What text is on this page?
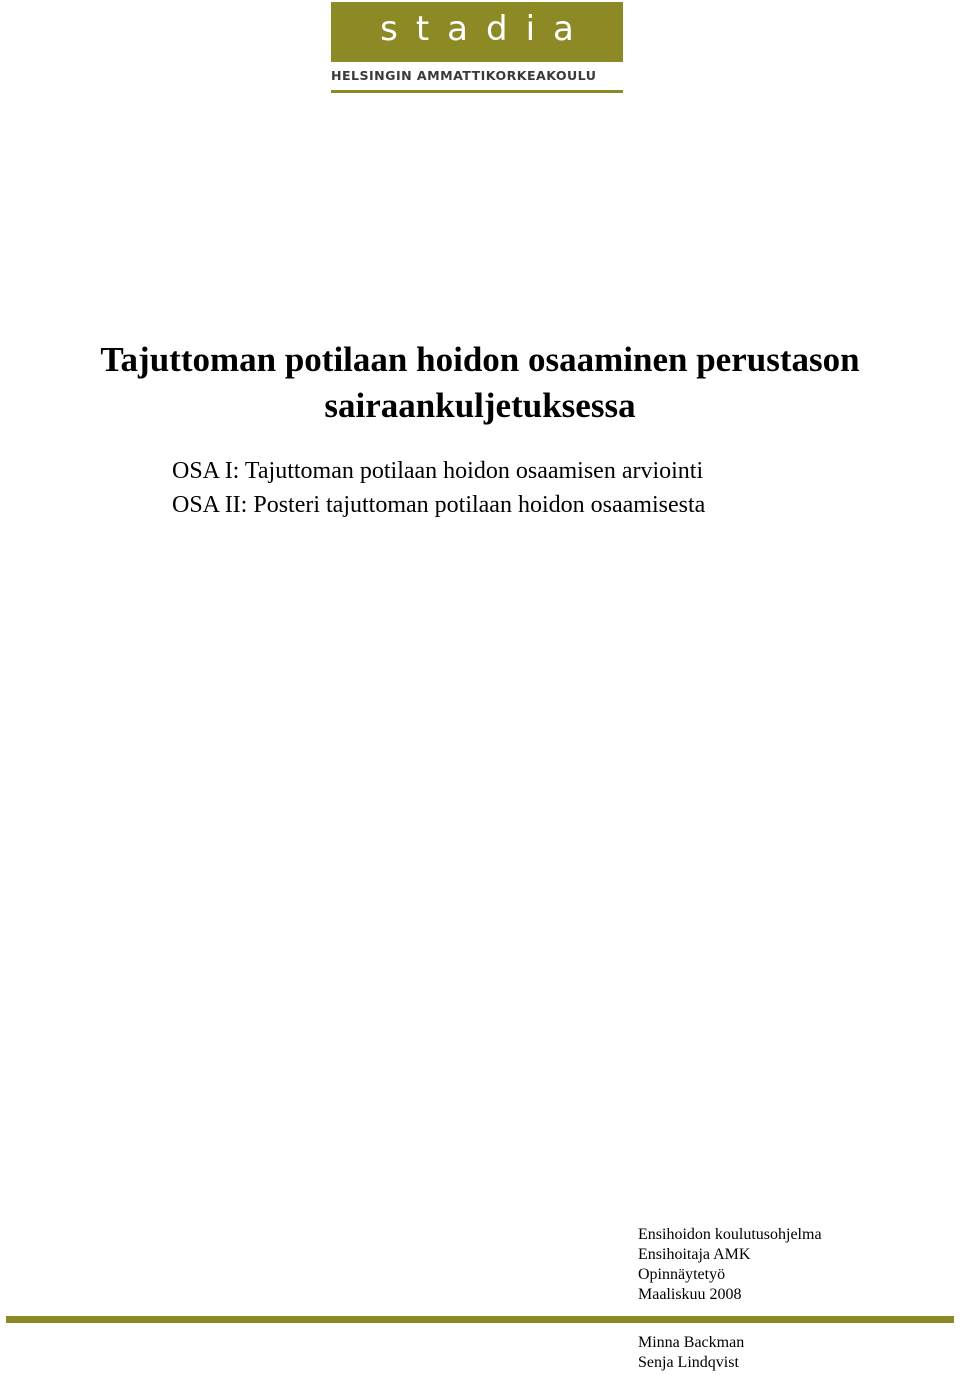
stadia
HELSINGIN AMMATTIKORKEAKOULU
Tajuttoman potilaan hoidon osaaminen perustason
sairaankuljetuksessa
OSA I: Tajuttoman potilaan hoidon osaamisen arviointi
OSA II: Posteri tajuttoman potilaan hoidon osaamisesta
Ensihoidon koulutusohjelma
Ensihoitaja AMK
Opinnäytetyö
Maaliskuu 2008
Minna Backman
Senja Lindqvist
